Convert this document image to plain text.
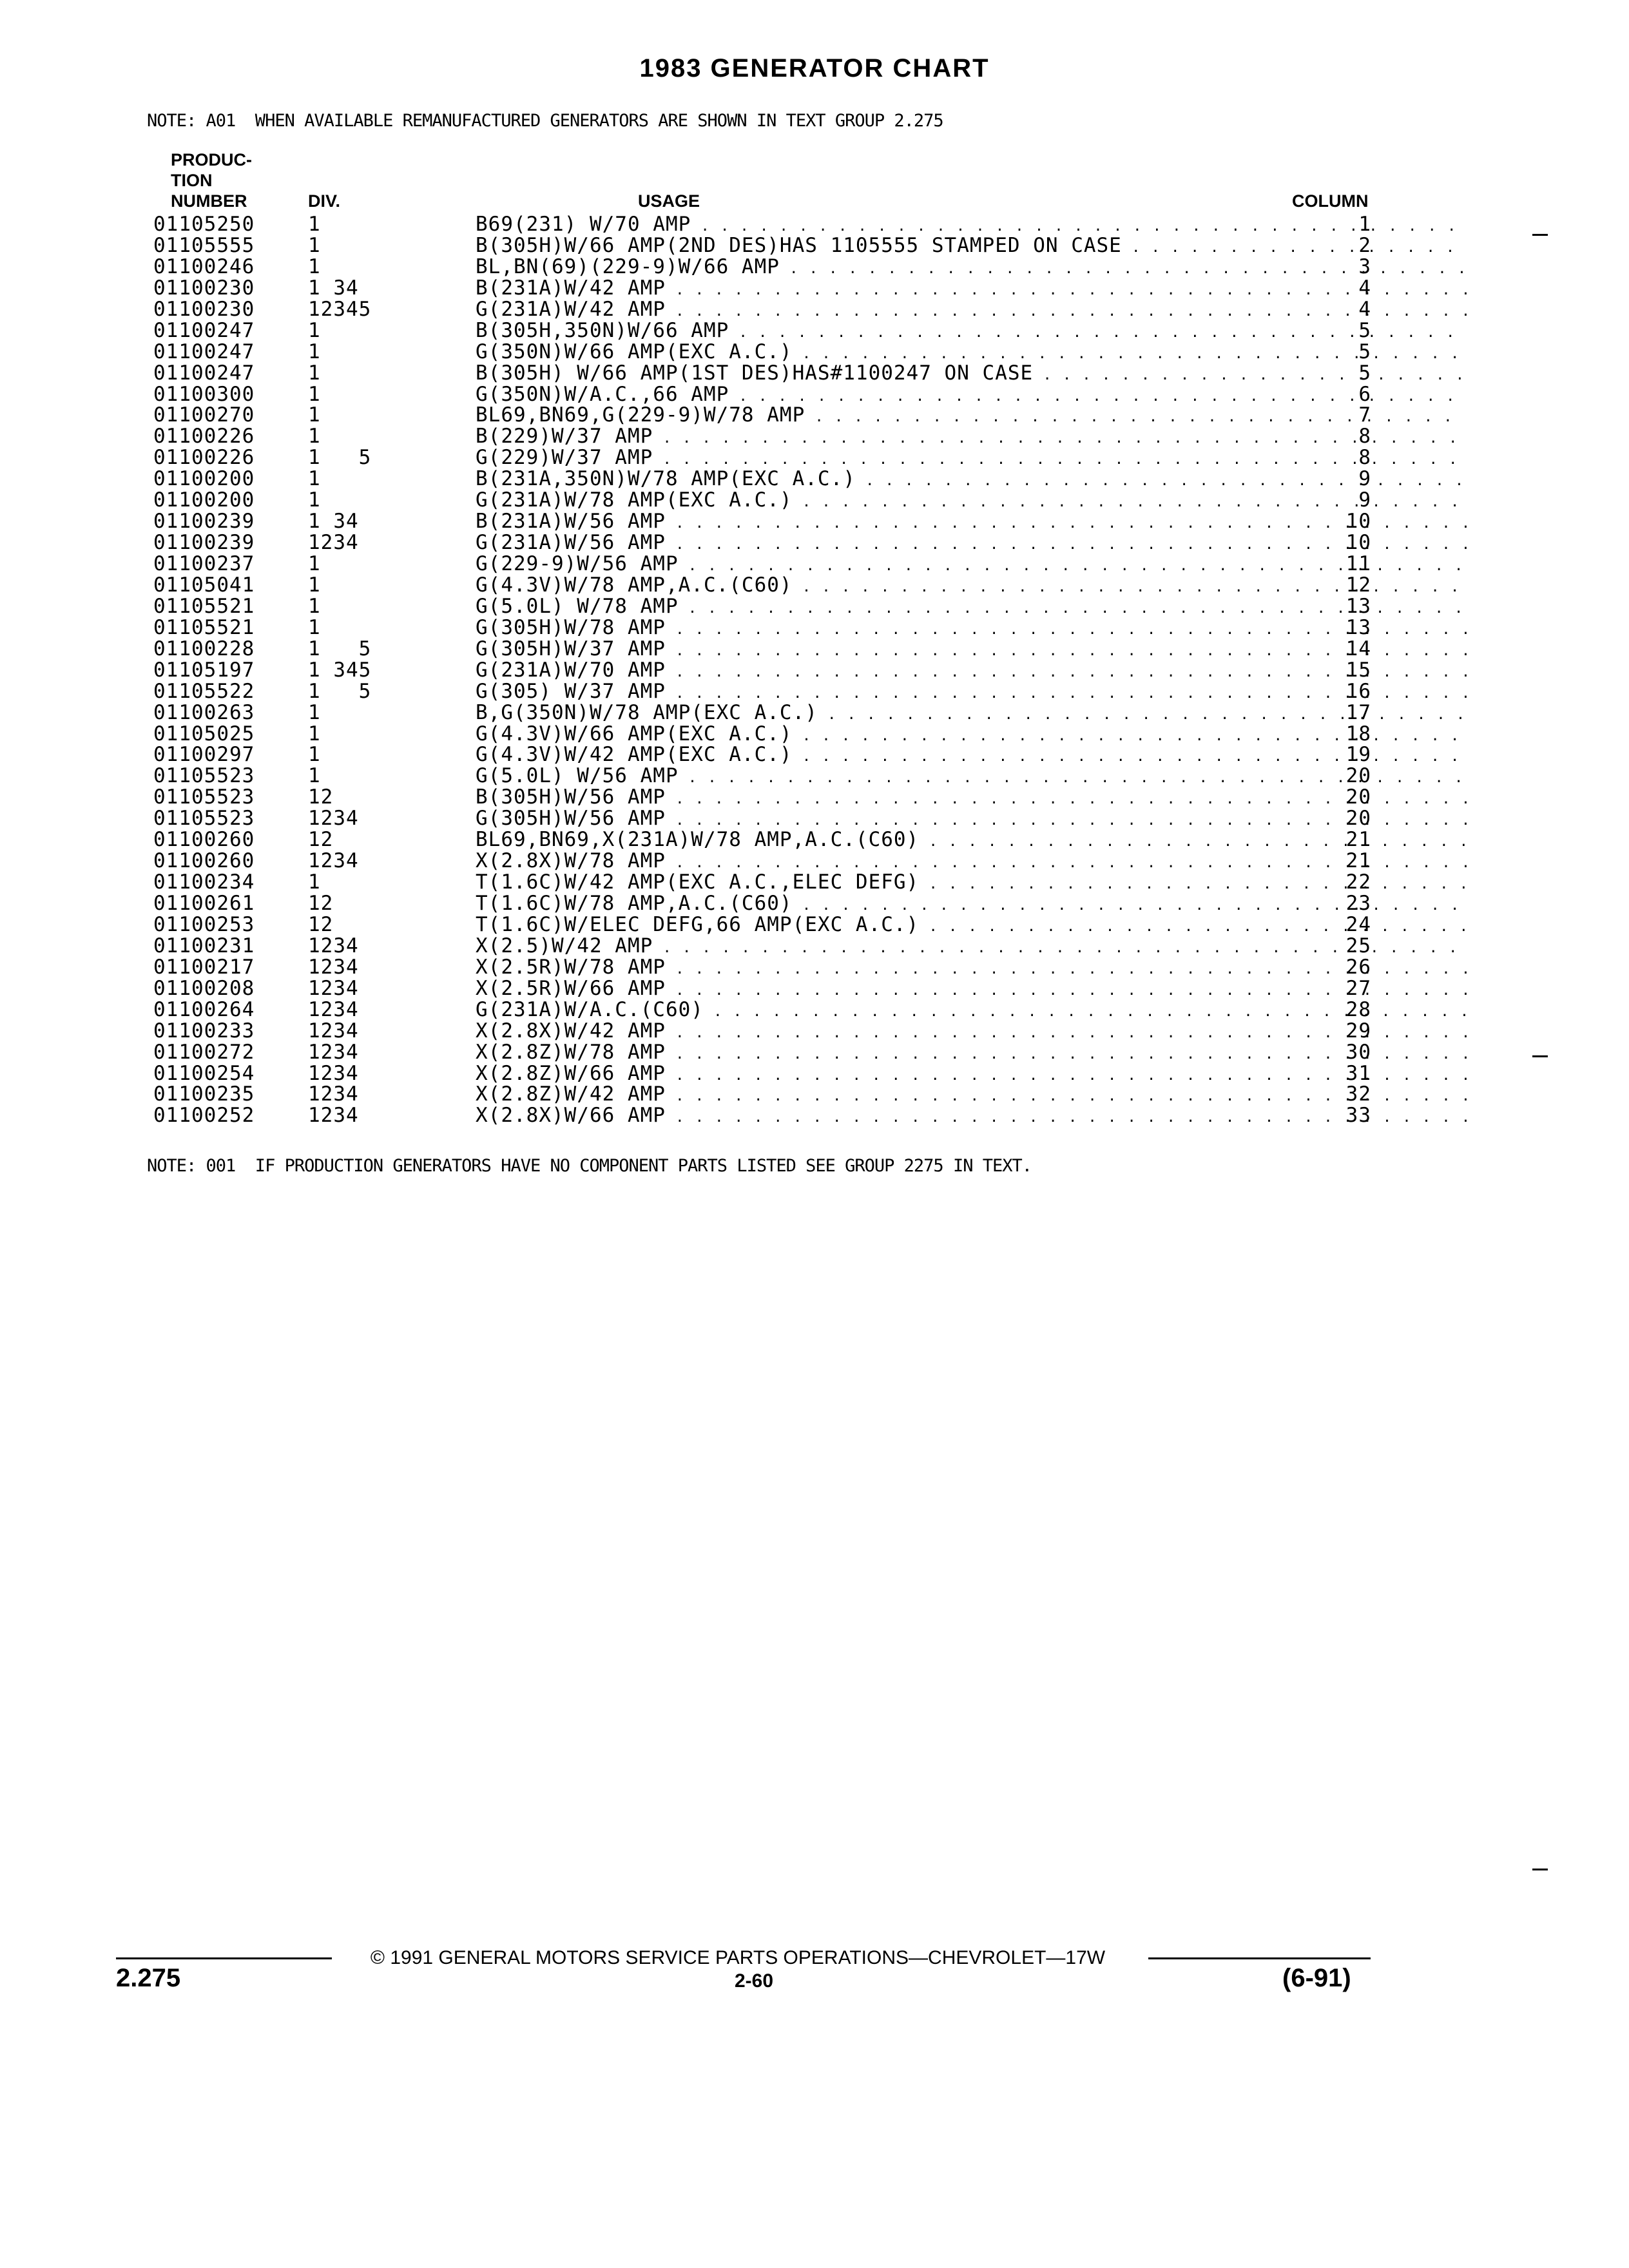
1983 GENERATOR CHART
NOTE: A01  WHEN AVAILABLE REMANUFACTURED GENERATORS ARE SHOWN IN TEXT GROUP 2.275
PRODUC-
TION
NUMBER	DIV.	USAGE	COLUMN
01105250	1	B69(231) W/70 AMP . . .	1
01105555	1	B(305H)W/66 AMP(2ND DES)HAS 1105555 STAMPED ON CASE . . .	2
01100246	1	BL,BN(69)(229-9)W/66 AMP . . .	3
01100230	1 34	B(231A)W/42 AMP . . .	4
01100230	12345	G(231A)W/42 AMP . . .	4
01100247	1	B(305H,350N)W/66 AMP . . .	5
01100247	1	G(350N)W/66 AMP(EXC A.C.) . . .	5
01100247	1	B(305H) W/66 AMP(1ST DES)HAS#1100247 ON CASE . . .	5
01100300	1	G(350N)W/A.C.,66 AMP . . .	6
01100270	1	BL69,BN69,G(229-9)W/78 AMP . . .	7
01100226	1	B(229)W/37 AMP . . .	8
01100226	1   5	G(229)W/37 AMP . . .	8
01100200	1	B(231A,350N)W/78 AMP(EXC A.C.) . . .	9
01100200	1	G(231A)W/78 AMP(EXC A.C.) . . .	9
01100239	1 34	B(231A)W/56 AMP . . .	10
01100239	1234	G(231A)W/56 AMP . . .	10
01100237	1	G(229-9)W/56 AMP . . .	11
01105041	1	G(4.3V)W/78 AMP,A.C.(C60) . . .	12
01105521	1	G(5.0L) W/78 AMP . . .	13
01105521	1	G(305H)W/78 AMP . . .	13
01100228	1   5	G(305H)W/37 AMP . . .	14
01105197	1 345	G(231A)W/70 AMP . . .	15
01105522	1   5	G(305) W/37 AMP . . .	16
01100263	1	B,G(350N)W/78 AMP(EXC A.C.) . . .	17
01105025	1	G(4.3V)W/66 AMP(EXC A.C.) . . .	18
01100297	1	G(4.3V)W/42 AMP(EXC A.C.) . . .	19
01105523	1	G(5.0L) W/56 AMP . . .	20
01105523	12	B(305H)W/56 AMP . . .	20
01105523	1234	G(305H)W/56 AMP . . .	20
01100260	12	BL69,BN69,X(231A)W/78 AMP,A.C.(C60) . . .	21
01100260	1234	X(2.8X)W/78 AMP . . .	21
01100234	1	T(1.6C)W/42 AMP(EXC A.C.,ELEC DEFG) . . .	22
01100261	12	T(1.6C)W/78 AMP,A.C.(C60) . . .	23
01100253	12	T(1.6C)W/ELEC DEFG,66 AMP(EXC A.C.) . . .	24
01100231	1234	X(2.5)W/42 AMP . . .	25
01100217	1234	X(2.5R)W/78 AMP . . .	26
01100208	1234	X(2.5R)W/66 AMP . . .	27
01100264	1234	G(231A)W/A.C.(C60) . . .	28
01100233	1234	X(2.8X)W/42 AMP . . .	29
01100272	1234	X(2.8Z)W/78 AMP . . .	30
01100254	1234	X(2.8Z)W/66 AMP . . .	31
01100235	1234	X(2.8Z)W/42 AMP . . .	32
01100252	1234	X(2.8X)W/66 AMP . . .	33
NOTE: 001  IF PRODUCTION GENERATORS HAVE NO COMPONENT PARTS LISTED SEE GROUP 2275 IN TEXT.
© 1991 GENERAL MOTORS SERVICE PARTS OPERATIONS—CHEVROLET—17W
2.275	2-60	(6-91)
